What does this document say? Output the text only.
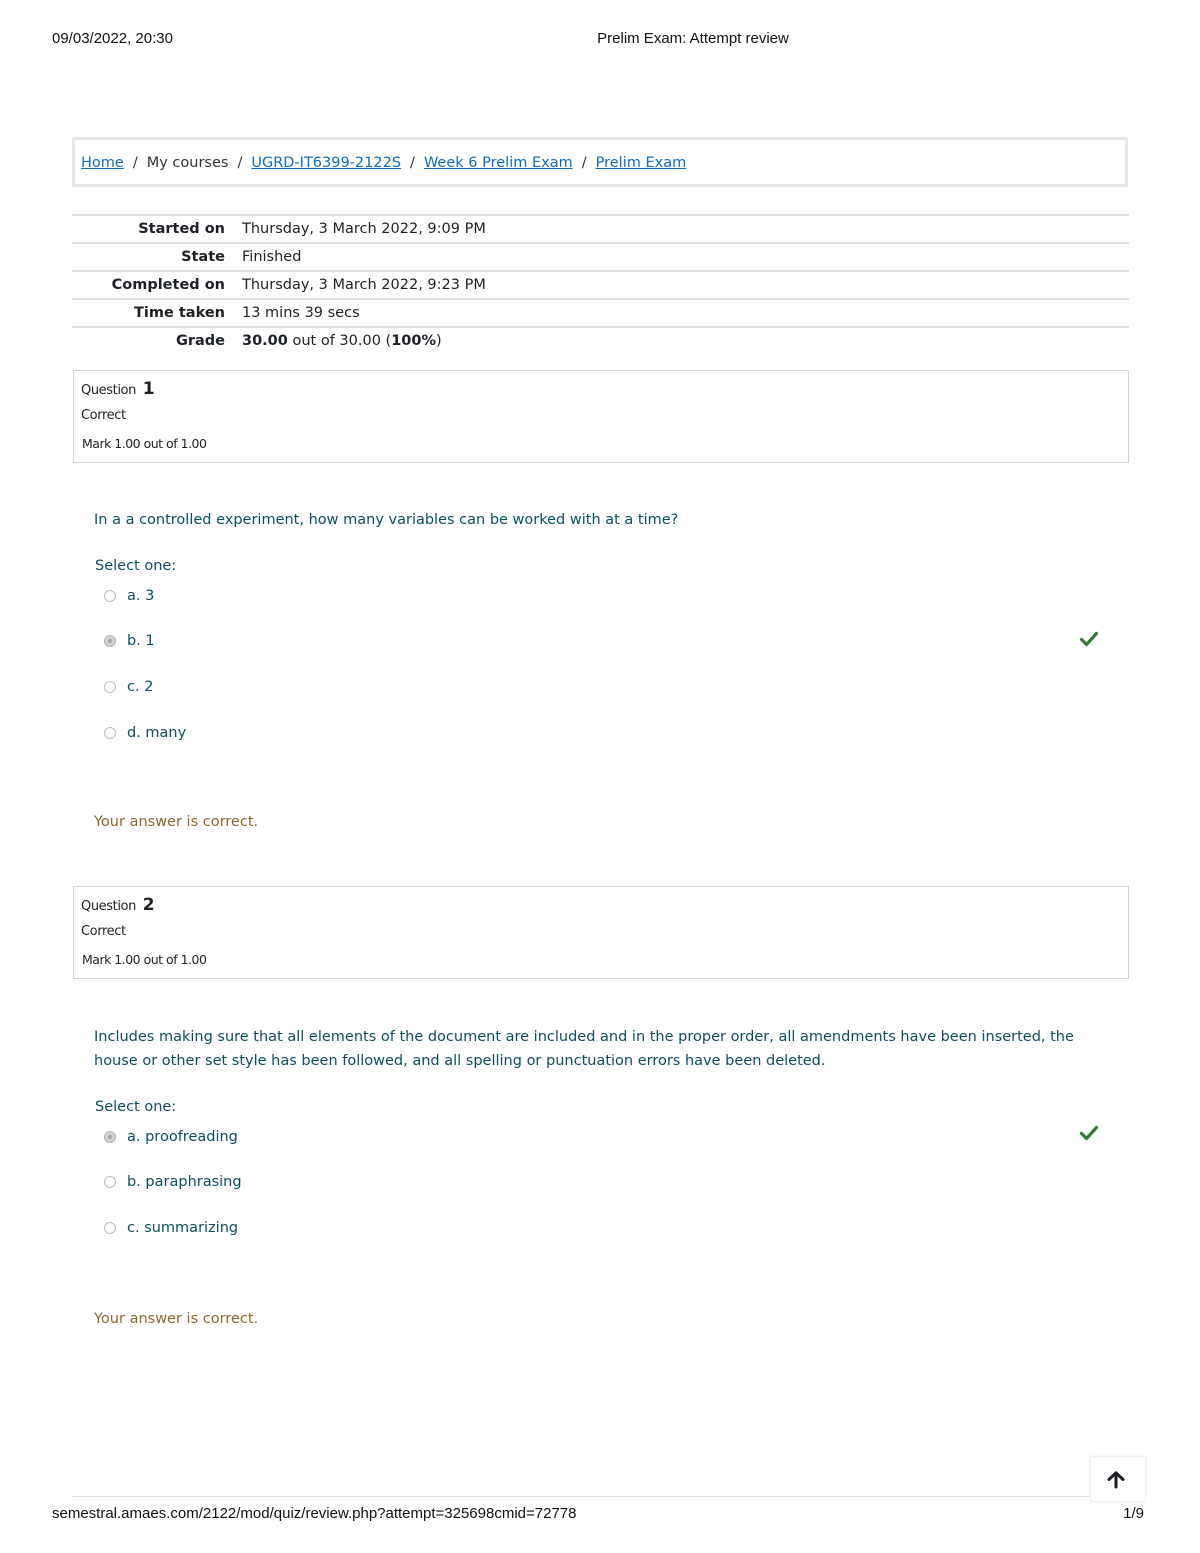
09/03/2022, 20:30	Prelim Exam: Attempt review
Home / My courses / UGRD-IT6399-2122S / Week 6 Prelim Exam / Prelim Exam
Started on Thursday, 3 March 2022, 9:09 PM
State Finished
Completed on Thursday, 3 March 2022, 9:23 PM
Time taken 13 mins 39 secs
Grade 30.00 out of 30.00 (100%)
Question 1
Correct
Mark 1.00 out of 1.00
In a a controlled experiment, how many variables can be worked with at a time?
Select one:
a. 3
b. 1
c. 2
d. many
Your answer is correct.
Question 2
Correct
Mark 1.00 out of 1.00
Includes making sure that all elements of the document are included and in the proper order, all amendments have been inserted, the house or other set style has been followed, and all spelling or punctuation errors have been deleted.
Select one:
a. proofreading
b. paraphrasing
c. summarizing
Your answer is correct.
semestral.amaes.com/2122/mod/quiz/review.php?attempt=325698cmid=72778	1/9
